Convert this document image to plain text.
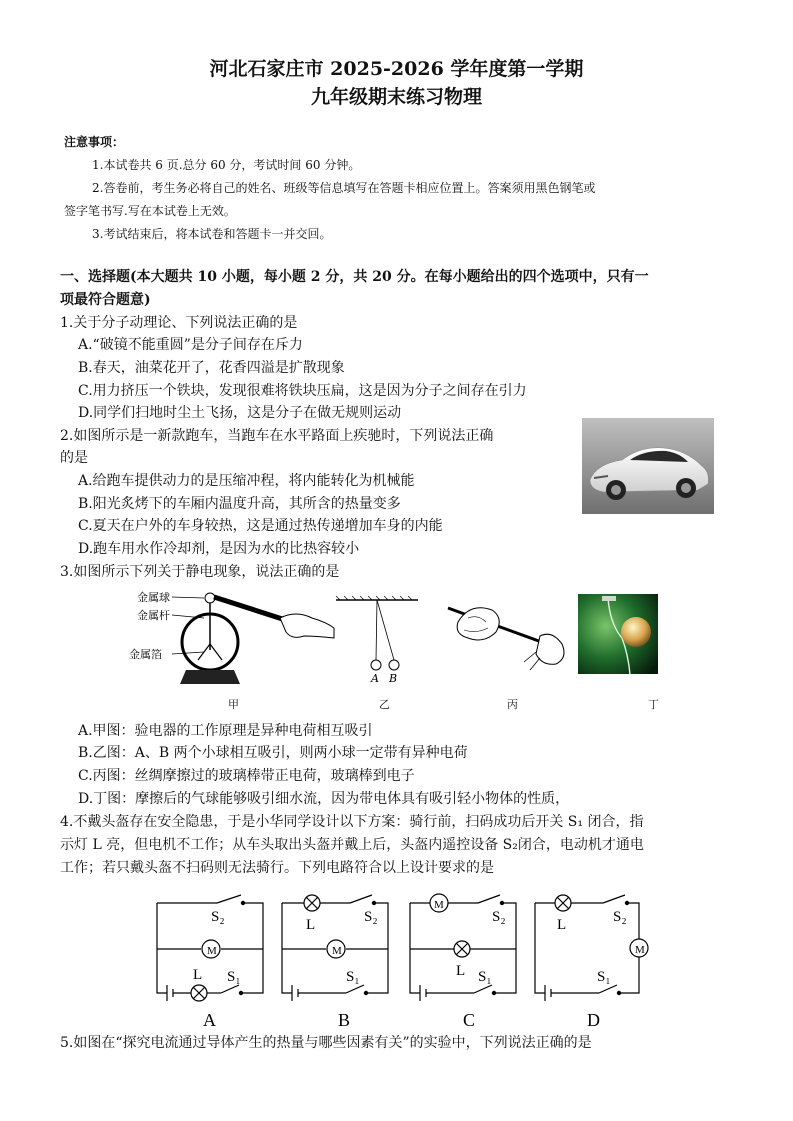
河北石家庄市 2025-2026 学年度第一学期
九年级期末练习物理
注意事项：
1.本试卷共 6 页.总分 60 分，考试时间 60 分钟。
2.答卷前，考生务必将自己的姓名、班级等信息填写在答题卡相应位置上。答案须用黑色钢笔或
签字笔书写.写在本试卷上无效。
3.考试结束后，将本试卷和答题卡一并交回。
一、选择题(本大题共 10 小题，每小题 2 分，共 20 分。在每小题给出的四个选项中，只有一
项最符合题意)
1.关于分子动理论、下列说法正确的是
A.“破镜不能重圆”是分子间存在斥力
B.春天，油菜花开了，花香四溢是扩散现象
C.用力挤压一个铁块，发现很难将铁块压扁，这是因为分子之间存在引力
D.同学们扫地时尘土飞扬，这是分子在做无规则运动
2.如图所示是一新款跑车，当跑车在水平路面上疾驰时，下列说法正确
的是
A.给跑车提供动力的是压缩冲程，将内能转化为机械能
B.阳光炙烤下的车厢内温度升高，其所含的热量变多
C.夏天在户外的车身较热，这是通过热传递增加车身的内能
D.跑车用水作冷却剂，是因为水的比热容较小
3.如图所示下列关于静电现象，说法正确的是
金属球
金属杆
金属箔
甲
A B
乙	丙	丁
A.甲图：验电器的工作原理是异种电荷相互吸引
B.乙图：A、B 两个小球相互吸引，则两小球一定带有异种电荷
C.丙图：丝绸摩擦过的玻璃棒带正电荷，玻璃棒到电子
D.丁图：摩擦后的气球能够吸引细水流，因为带电体具有吸引轻小物体的性质，
4.不戴头盔存在安全隐患，于是小华同学设计以下方案：骑行前，扫码成功后开关 S₁ 闭合，指
示灯 L 亮，但电机不工作；从车头取出头盔并戴上后，头盔内遥控设备 S₂闭合，电动机才通电
工作；若只戴头盔不扫码则无法骑行。下列电路符合以上设计要求的是
M
S₂
L S₁
A
M
L	S₂
S₁
B
M
S₂
L S₁
C
M
L	S₂
S₁
D
5.如图在“探究电流通过导体产生的热量与哪些因素有关”的实验中，下列说法正确的是
